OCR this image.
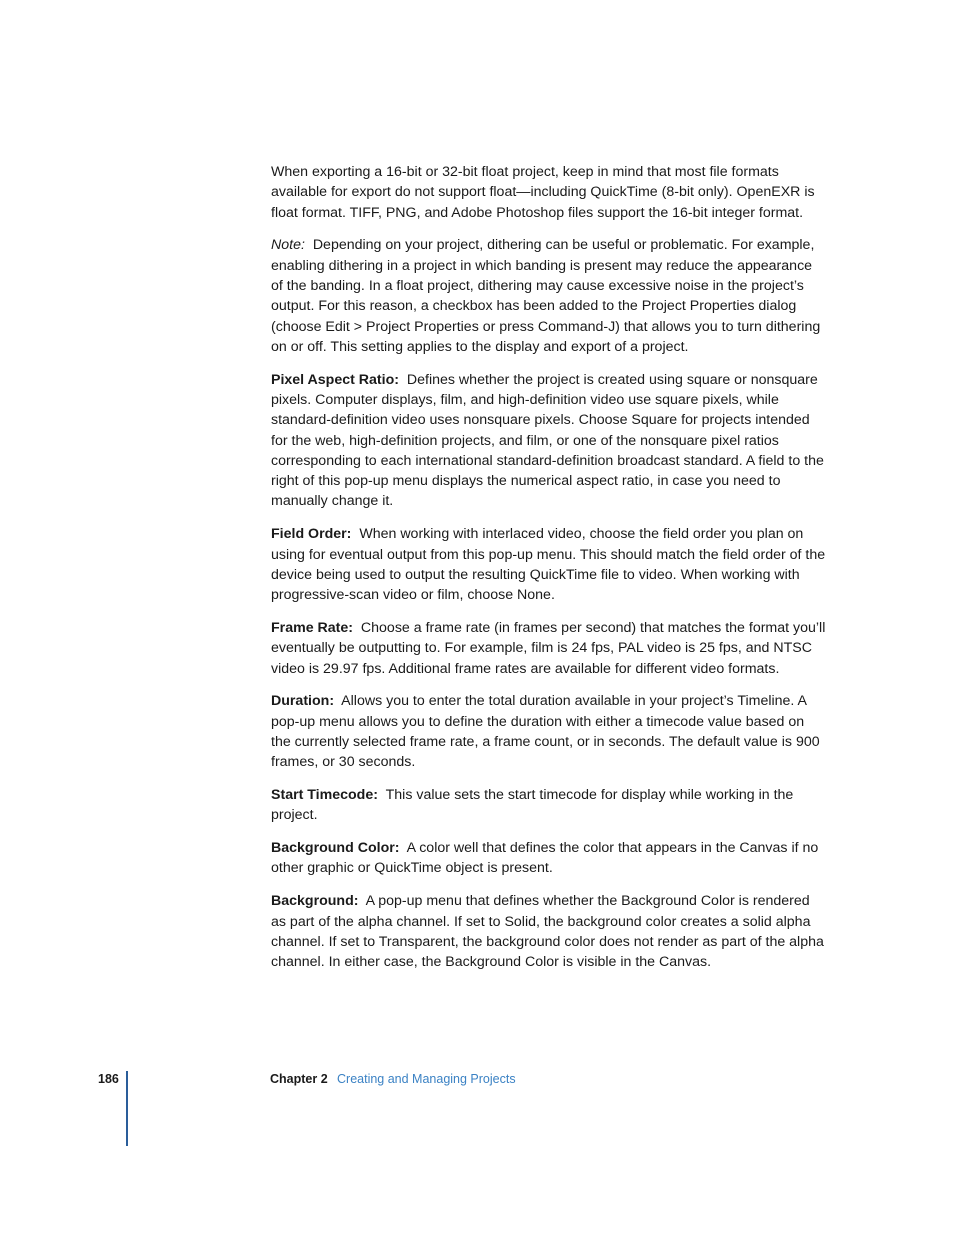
When exporting a 16-bit or 32-bit float project, keep in mind that most file formats available for export do not support float—including QuickTime (8-bit only). OpenEXR is float format. TIFF, PNG, and Adobe Photoshop files support the 16-bit integer format.

Note: Depending on your project, dithering can be useful or problematic. For example, enabling dithering in a project in which banding is present may reduce the appearance of the banding. In a float project, dithering may cause excessive noise in the project’s output. For this reason, a checkbox has been added to the Project Properties dialog (choose Edit > Project Properties or press Command-J) that allows you to turn dithering on or off. This setting applies to the display and export of a project.

Pixel Aspect Ratio: Defines whether the project is created using square or nonsquare pixels. Computer displays, film, and high-definition video use square pixels, while standard-definition video uses nonsquare pixels. Choose Square for projects intended for the web, high-definition projects, and film, or one of the nonsquare pixel ratios corresponding to each international standard-definition broadcast standard. A field to the right of this pop-up menu displays the numerical aspect ratio, in case you need to manually change it.

Field Order: When working with interlaced video, choose the field order you plan on using for eventual output from this pop-up menu. This should match the field order of the device being used to output the resulting QuickTime file to video. When working with progressive-scan video or film, choose None.

Frame Rate: Choose a frame rate (in frames per second) that matches the format you’ll eventually be outputting to. For example, film is 24 fps, PAL video is 25 fps, and NTSC video is 29.97 fps. Additional frame rates are available for different video formats.

Duration: Allows you to enter the total duration available in your project’s Timeline. A pop-up menu allows you to define the duration with either a timecode value based on the currently selected frame rate, a frame count, or in seconds. The default value is 900 frames, or 30 seconds.

Start Timecode: This value sets the start timecode for display while working in the project.

Background Color: A color well that defines the color that appears in the Canvas if no other graphic or QuickTime object is present.

Background: A pop-up menu that defines whether the Background Color is rendered as part of the alpha channel. If set to Solid, the background color creates a solid alpha channel. If set to Transparent, the background color does not render as part of the alpha channel. In either case, the Background Color is visible in the Canvas.

186	Chapter 2 Creating and Managing Projects
